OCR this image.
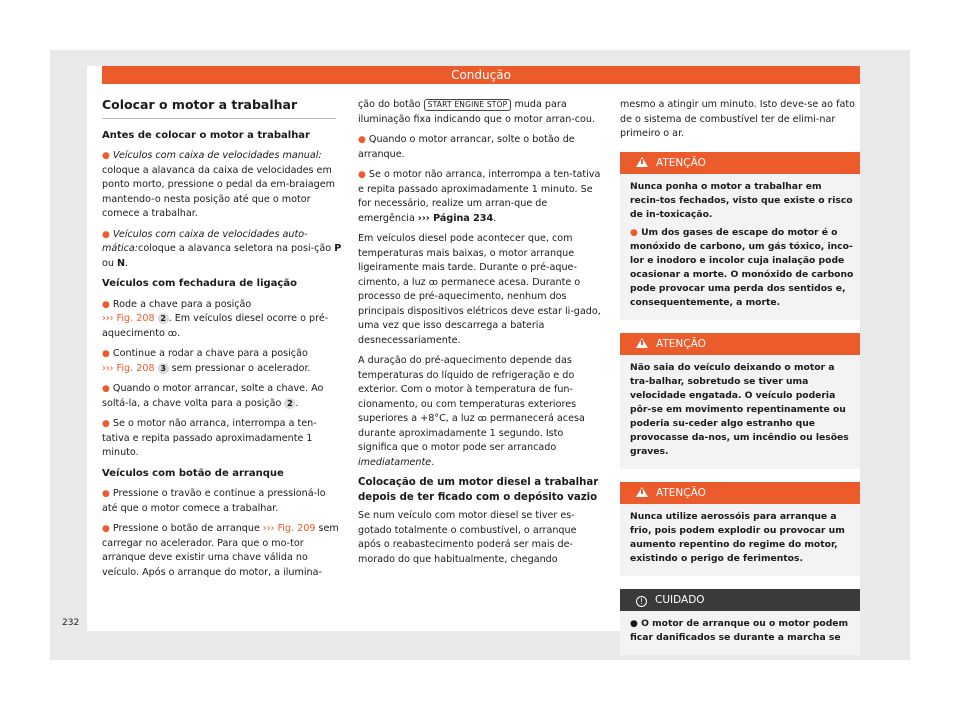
Condução
232
Colocar o motor a trabalhar
Antes de colocar o motor a trabalhar

● Veículos com caixa de velocidades manual: coloque a alavanca da caixa de velocidades em ponto morto, pressione o pedal da em-braiagem mantendo-o nesta posição até que o motor comece a trabalhar.

● Veículos com caixa de velocidades auto-mática:coloque a alavanca seletora na posi-ção P ou N.

Veículos com fechadura de ligação

● Rode a chave para a posição
››› Fig. 208 2 . Em veículos diesel ocorre o pré-aquecimento ꝏ.

● Continue a rodar a chave para a posição
››› Fig. 208 3 sem pressionar o acelerador.

● Quando o motor arrancar, solte a chave. Ao soltá-la, a chave volta para a posição 2 .

● Se o motor não arranca, interrompa a ten-tativa e repita passado aproximadamente 1 minuto.

Veículos com botão de arranque

● Pressione o travão e continue a pressioná-lo até que o motor comece a trabalhar.

● Pressione o botão de arranque ››› Fig. 209 sem carregar no acelerador. Para que o mo-tor arranque deve existir uma chave válida no veículo. Após o arranque do motor, a ilumina-

ção do botão START ENGINE STOP muda para iluminação fixa indicando que o motor arran-cou.

● Quando o motor arrancar, solte o botão de arranque.

● Se o motor não arranca, interrompa a ten-tativa e repita passado aproximadamente 1 minuto. Se for necessário, realize um arran-que de emergência ››› Página 234.

Em veículos diesel pode acontecer que, com temperaturas mais baixas, o motor arranque ligeiramente mais tarde. Durante o pré-aque-cimento, a luz ꝏ permanece acesa. Durante o processo de pré-aquecimento, nenhum dos principais dispositivos elétricos deve estar li-gado, uma vez que isso descarrega a bateria desnecessariamente.

A duração do pré-aquecimento depende das temperaturas do líquido de refrigeração e do exterior. Com o motor à temperatura de fun-cionamento, ou com temperaturas exteriores superiores a +8°C, a luz ꝏ permanecerá acesa durante aproximadamente 1 segundo. Isto significa que o motor pode ser arrancado imediatamente.

Colocação de um motor diesel a trabalhar depois de ter ficado com o depósito vazio

Se num veículo com motor diesel se tiver es-gotado totalmente o combustível, o arranque após o reabastecimento poderá ser mais de-morado do que habitualmente, chegando

mesmo a atingir um minuto. Isto deve-se ao fato de o sistema de combustível ter de elimi-nar primeiro o ar.

ATENÇÃO

Nunca ponha o motor a trabalhar em recin-tos fechados, visto que existe o risco de in-toxicação.

● Um dos gases de escape do motor é o monóxido de carbono, um gás tóxico, inco-lor e inodoro e incolor cuja inalação pode ocasionar a morte. O monóxido de carbono pode provocar uma perda dos sentidos e, consequentemente, a morte.

ATENÇÃO

Não saia do veículo deixando o motor a tra-balhar, sobretudo se tiver uma velocidade engatada. O veículo poderia pôr-se em movimento repentinamente ou poderia su-ceder algo estranho que provocasse da-nos, um incêndio ou lesões graves.

ATENÇÃO

Nunca utilize aerossóis para arranque a frio, pois podem explodir ou provocar um aumento repentino do regime do motor, existindo o perigo de ferimentos.

! CUIDADO

● O motor de arranque ou o motor podem ficar danificados se durante a marcha se
